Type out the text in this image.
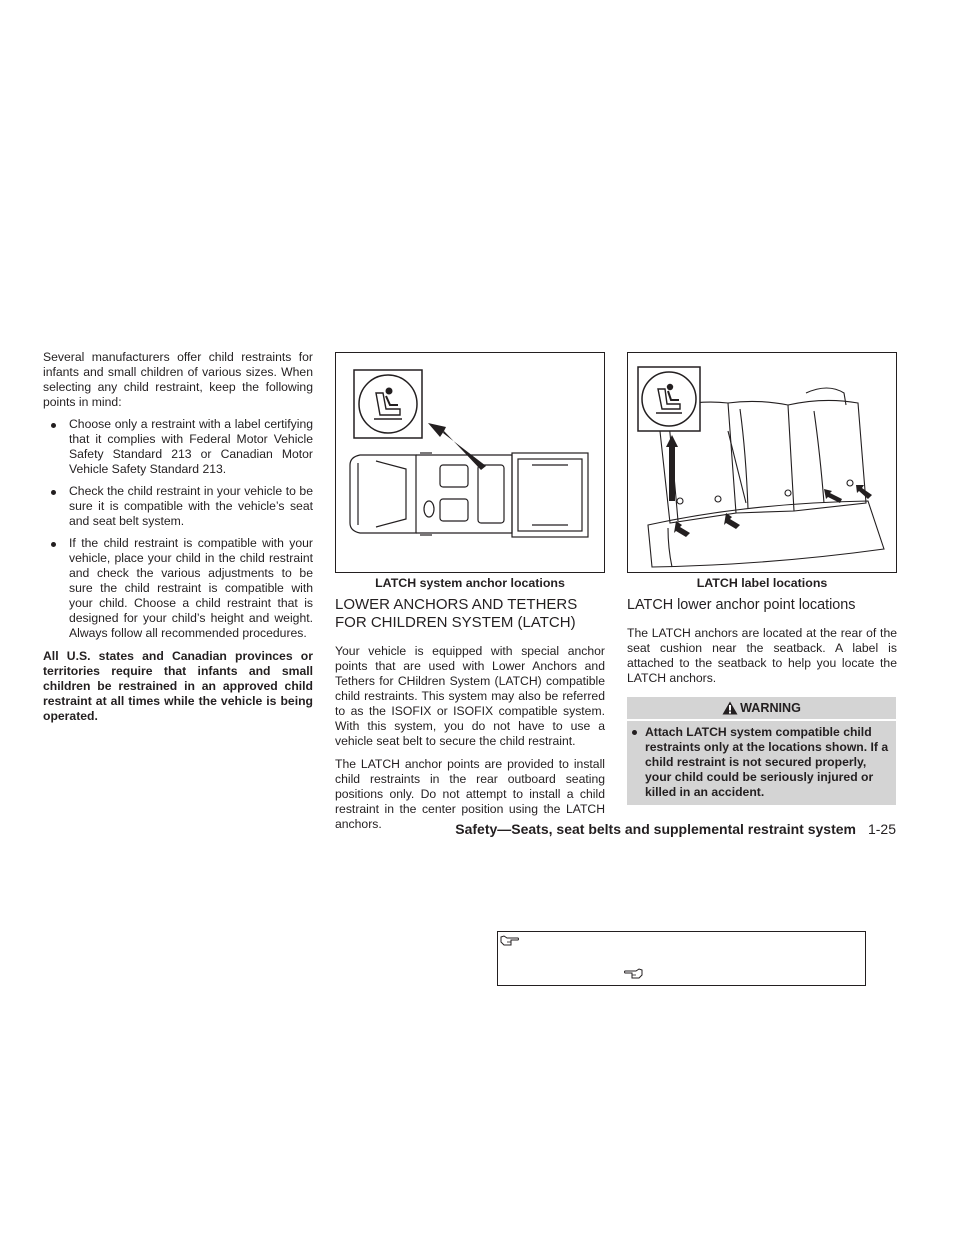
Several manufacturers offer child restraints for infants and small children of various sizes. When selecting any child restraint, keep the following points in mind:

Choose only a restraint with a label certifying that it complies with Federal Motor Vehicle Safety Standard 213 or Canadian Motor Vehicle Safety Standard 213.
Check the child restraint in your vehicle to be sure it is compatible with the vehicle’s seat and seat belt system.
If the child restraint is compatible with your vehicle, place your child in the child restraint and check the various adjustments to be sure the child restraint is compatible with your child. Choose a child restraint that is designed for your child’s height and weight. Always follow all recommended procedures.

All U.S. states and Canadian provinces or territories require that infants and small children be restrained in an approved child restraint at all times while the vehicle is being operated.

LATCH system anchor locations
LOWER ANCHORS AND TETHERS FOR CHILDREN SYSTEM (LATCH)

Your vehicle is equipped with special anchor points that are used with Lower Anchors and Tethers for CHildren System (LATCH) compatible child restraints. This system may also be referred to as the ISOFIX or ISOFIX compatible system. With this system, you do not have to use a vehicle seat belt to secure the child restraint.

The LATCH anchor points are provided to install child restraints in the rear outboard seating positions only. Do not attempt to install a child restraint in the center position using the LATCH anchors.

LATCH label locations
LATCH lower anchor point locations

The LATCH anchors are located at the rear of the seat cushion near the seatback. A label is attached to the seatback to help you locate the LATCH anchors.

WARNING
Attach LATCH system compatible child restraints only at the locations shown. If a child restraint is not secured properly, your child could be seriously injured or killed in an accident.
Safety—Seats, seat belts and supplemental restraint system 1-25
